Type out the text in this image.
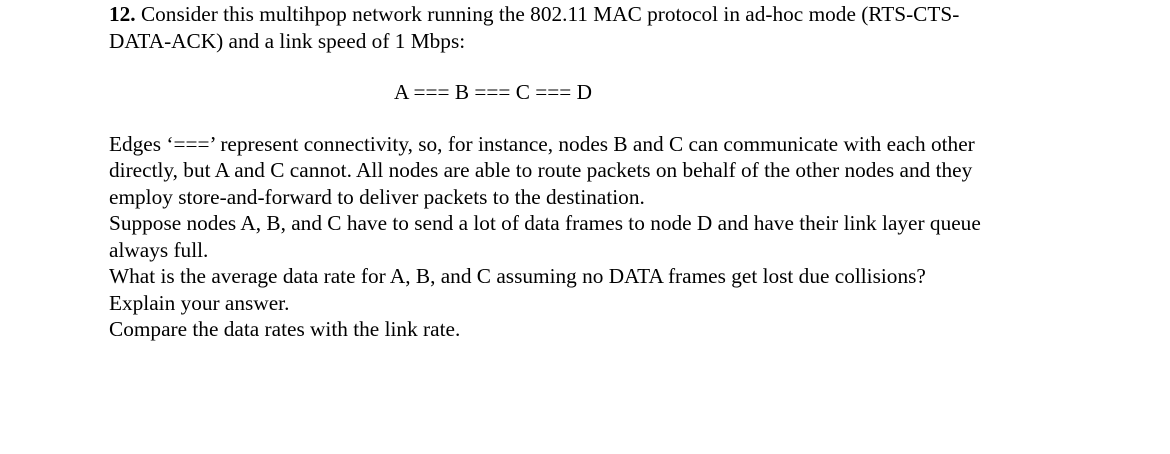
12. Consider this multihpop network running the 802.11 MAC protocol in ad-hoc mode (RTS-CTS-

DATA-ACK) and a link speed of 1 Mbps:

A === B === C === D

Edges ‘===’ represent connectivity, so, for instance, nodes B and C can communicate with each other

directly, but A and C cannot. All nodes are able to route packets on behalf of the other nodes and they

employ store-and-forward to deliver packets to the destination.

Suppose nodes A, B, and C have to send a lot of data frames to node D and have their link layer queue

always full.

What is the average data rate for A, B, and C assuming no DATA frames get lost due collisions?

Explain your answer.

Compare the data rates with the link rate.
